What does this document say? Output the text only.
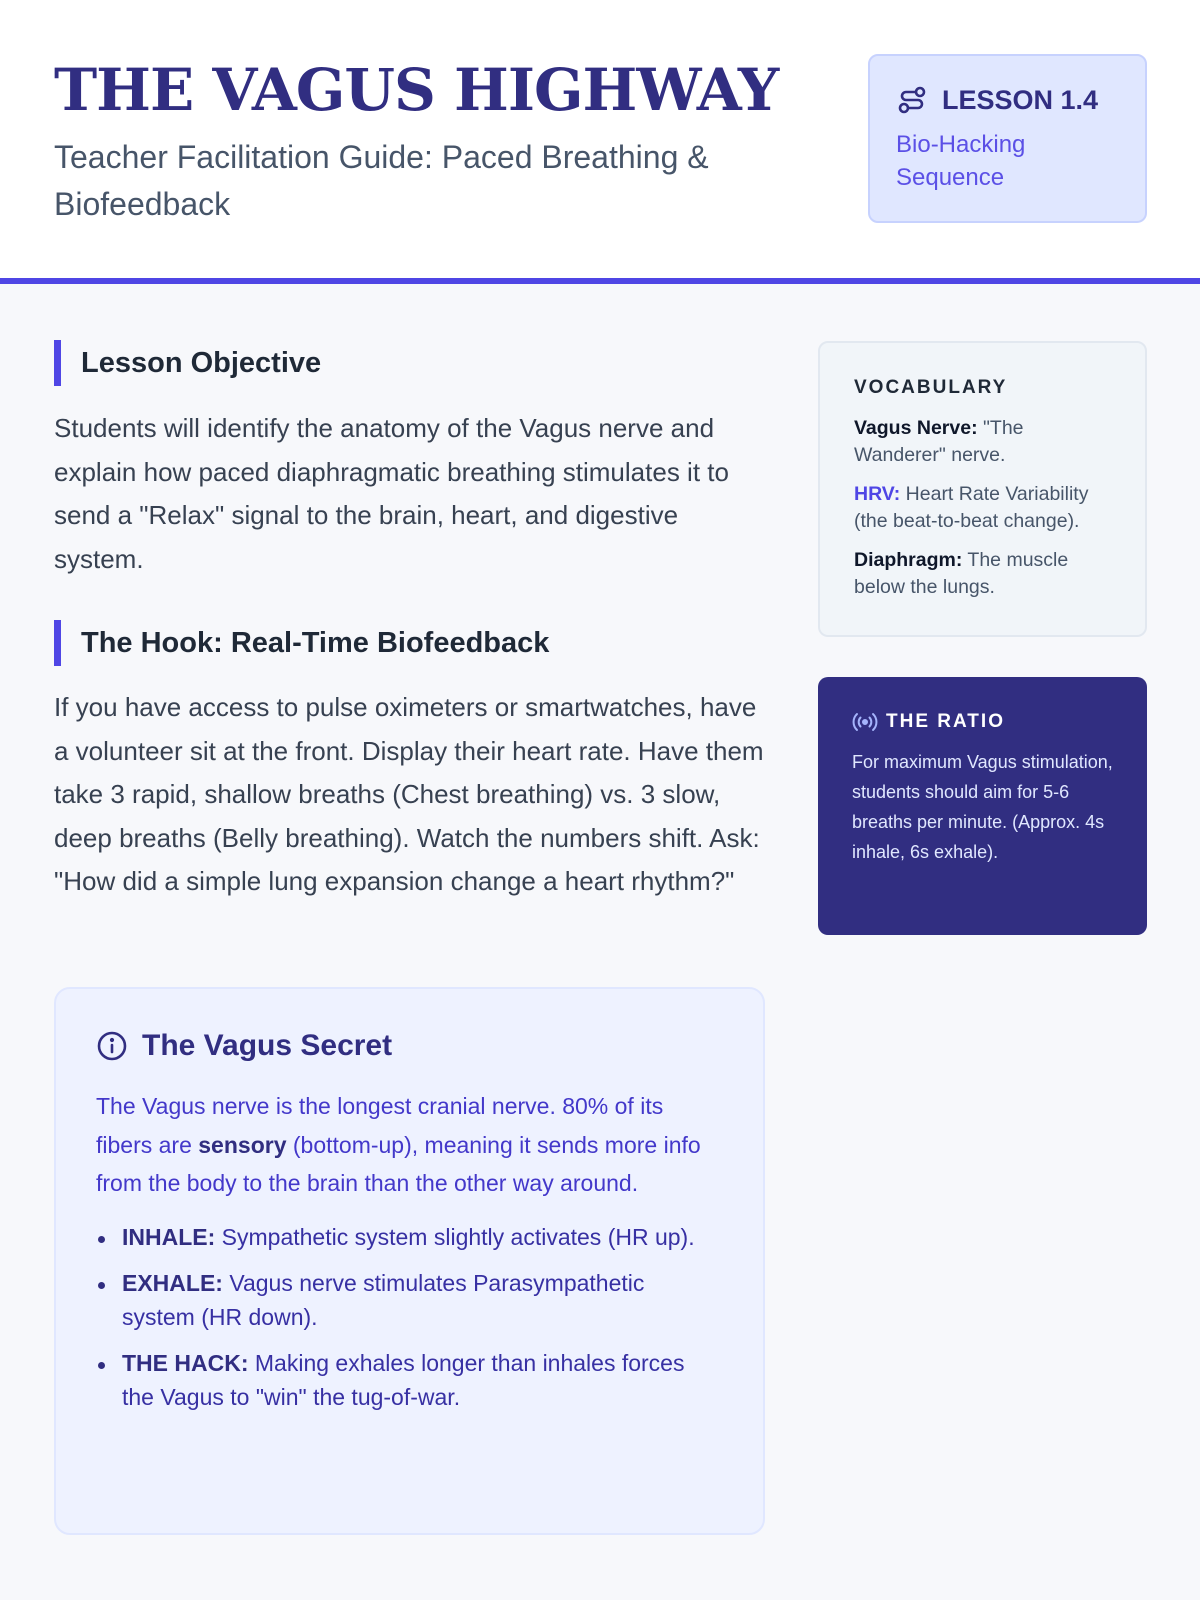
THE VAGUS HIGHWAY
Teacher Facilitation Guide: Paced Breathing & Biofeedback
LESSON 1.4
Bio-Hacking Sequence
Lesson Objective

Students will identify the anatomy of the Vagus nerve and explain how paced diaphragmatic breathing stimulates it to send a "Relax" signal to the brain, heart, and digestive system.

The Hook: Real-Time Biofeedback

If you have access to pulse oximeters or smartwatches, have a volunteer sit at the front. Display their heart rate. Have them take 3 rapid, shallow breaths (Chest breathing) vs. 3 slow, deep breaths (Belly breathing). Watch the numbers shift. Ask: "How did a simple lung expansion change a heart rhythm?"

The Vagus Secret

The Vagus nerve is the longest cranial nerve. 80% of its fibers are sensory (bottom-up), meaning it sends more info from the body to the brain than the other way around.

INHALE: Sympathetic system slightly activates (HR up).
EXHALE: Vagus nerve stimulates Parasympathetic system (HR down).
THE HACK: Making exhales longer than inhales forces the Vagus to "win" the tug-of-war.
VOCABULARY

Vagus Nerve: "The Wanderer" nerve.

HRV: Heart Rate Variability (the beat-to-beat change).

Diaphragm: The muscle below the lungs.

THE RATIO

For maximum Vagus stimulation, students should aim for 5-6 breaths per minute. (Approx. 4s inhale, 6s exhale).
